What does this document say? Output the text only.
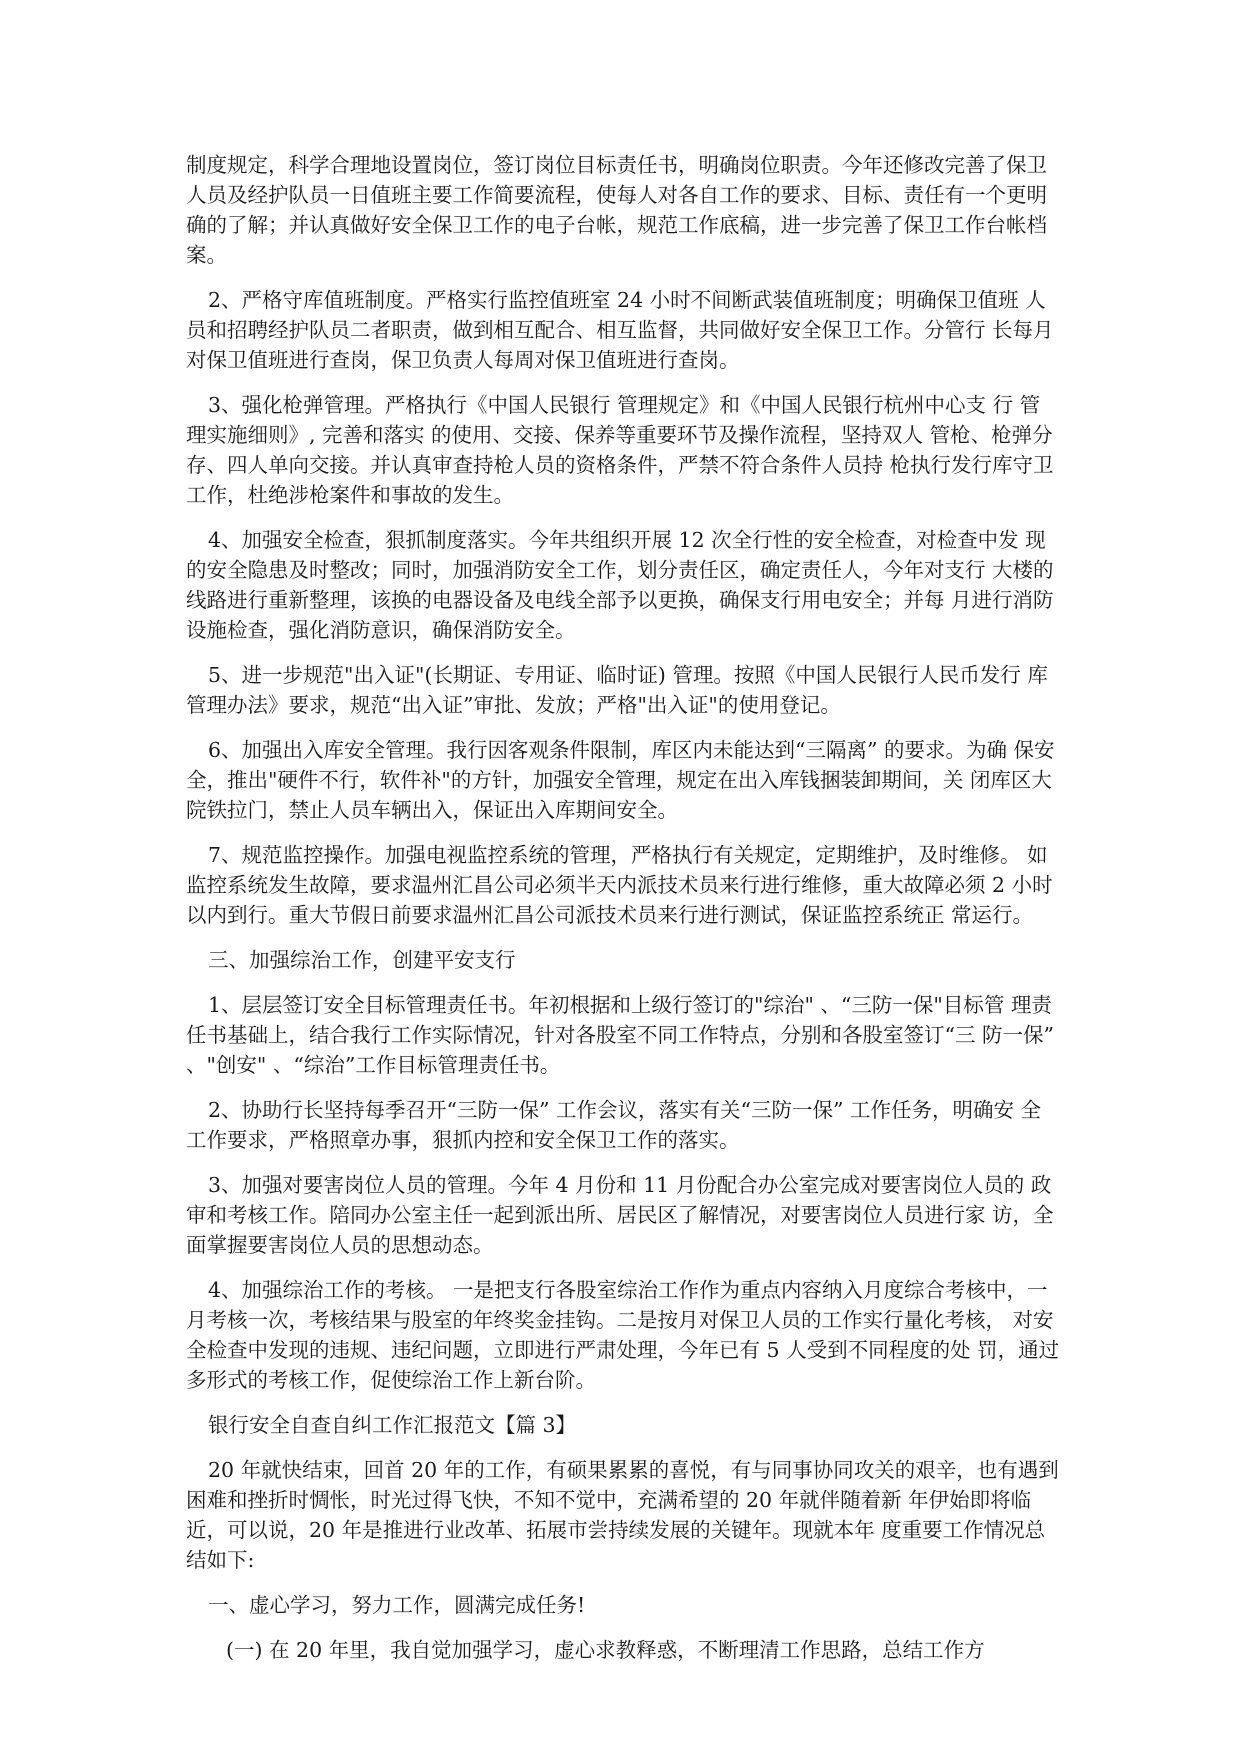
制度规定，科学合理地设置岗位，签订岗位目标责任书，明确岗位职责。今年还修改完善了保卫人员及经护队员一日值班主要工作简要流程，使每人对各自工作的要求、目标、责任有一个更明确的了解；并认真做好安全保卫工作的电子台帐，规范工作底稿，进一步完善了保卫工作台帐档案。

2、严格守库值班制度。严格实行监控值班室 24 小时不间断武装值班制度；明确保卫值班 人员和招聘经护队员二者职责，做到相互配合、相互监督，共同做好安全保卫工作。分管行 长每月对保卫值班进行查岗，保卫负责人每周对保卫值班进行查岗。

3、强化枪弹管理。严格执行《中国人民银行 管理规定》和《中国人民银行杭州中心支 行 管理实施细则》, 完善和落实 的使用、交接、保养等重要环节及操作流程，坚持双人 管枪、枪弹分存、四人单向交接。并认真审查持枪人员的资格条件，严禁不符合条件人员持 枪执行发行库守卫工作，杜绝涉枪案件和事故的发生。

4、加强安全检查，狠抓制度落实。今年共组织开展 12 次全行性的安全检查，对检查中发 现的安全隐患及时整改；同时，加强消防安全工作，划分责任区，确定责任人，今年对支行 大楼的线路进行重新整理，该换的电器设备及电线全部予以更换，确保支行用电安全；并每 月进行消防设施检查，强化消防意识，确保消防安全。

5、进一步规范"出入证"(长期证、专用证、临时证) 管理。按照《中国人民银行人民币发行 库管理办法》要求，规范“出入证”审批、发放；严格"出入证"的使用登记。

6、加强出入库安全管理。我行因客观条件限制，库区内未能达到“三隔离” 的要求。为确 保安全，推出"硬件不行，软件补"的方针，加强安全管理，规定在出入库钱捆装卸期间，关 闭库区大院铁拉门，禁止人员车辆出入，保证出入库期间安全。

7、规范监控操作。加强电视监控系统的管理，严格执行有关规定，定期维护，及时维修。 如监控系统发生故障，要求温州汇昌公司必须半天内派技术员来行进行维修，重大故障必须 2 小时以内到行。重大节假日前要求温州汇昌公司派技术员来行进行测试，保证监控系统正 常运行。

三、加强综治工作，创建平安支行

1、层层签订安全目标管理责任书。年初根据和上级行签订的"综治" 、“三防一保"目标管 理责任书基础上，结合我行工作实际情况，针对各股室不同工作特点，分别和各股室签订“三 防一保” 、"创安" 、“综治”工作目标管理责任书。

2、协助行长坚持每季召开“三防一保” 工作会议，落实有关“三防一保” 工作任务，明确安 全工作要求，严格照章办事，狠抓内控和安全保卫工作的落实。

3、加强对要害岗位人员的管理。今年 4 月份和 11 月份配合办公室完成对要害岗位人员的 政审和考核工作。陪同办公室主任一起到派出所、居民区了解情况，对要害岗位人员进行家 访，全面掌握要害岗位人员的思想动态。

4、加强综治工作的考核。 一是把支行各股室综治工作作为重点内容纳入月度综合考核中，一月考核一次，考核结果与股室的年终奖金挂钩。二是按月对保卫人员的工作实行量化考核， 对安全检查中发现的违规、违纪问题，立即进行严肃处理，今年已有 5 人受到不同程度的处 罚，通过多形式的考核工作，促使综治工作上新台阶。

银行安全自查自纠工作汇报范文【篇 3】

20 年就快结束，回首 20 年的工作，有硕果累累的喜悦，有与同事协同攻关的艰辛，也有遇到困难和挫折时惆怅，时光过得飞快，不知不觉中，充满希望的 20 年就伴随着新 年伊始即将临近，可以说，20 年是推进行业改革、拓展市尝持续发展的关键年。现就本年 度重要工作情况总结如下:

一、虚心学习，努力工作，圆满完成任务!

(一) 在 20 年里，我自觉加强学习，虚心求教释惑，不断理清工作思路，总结工作方
